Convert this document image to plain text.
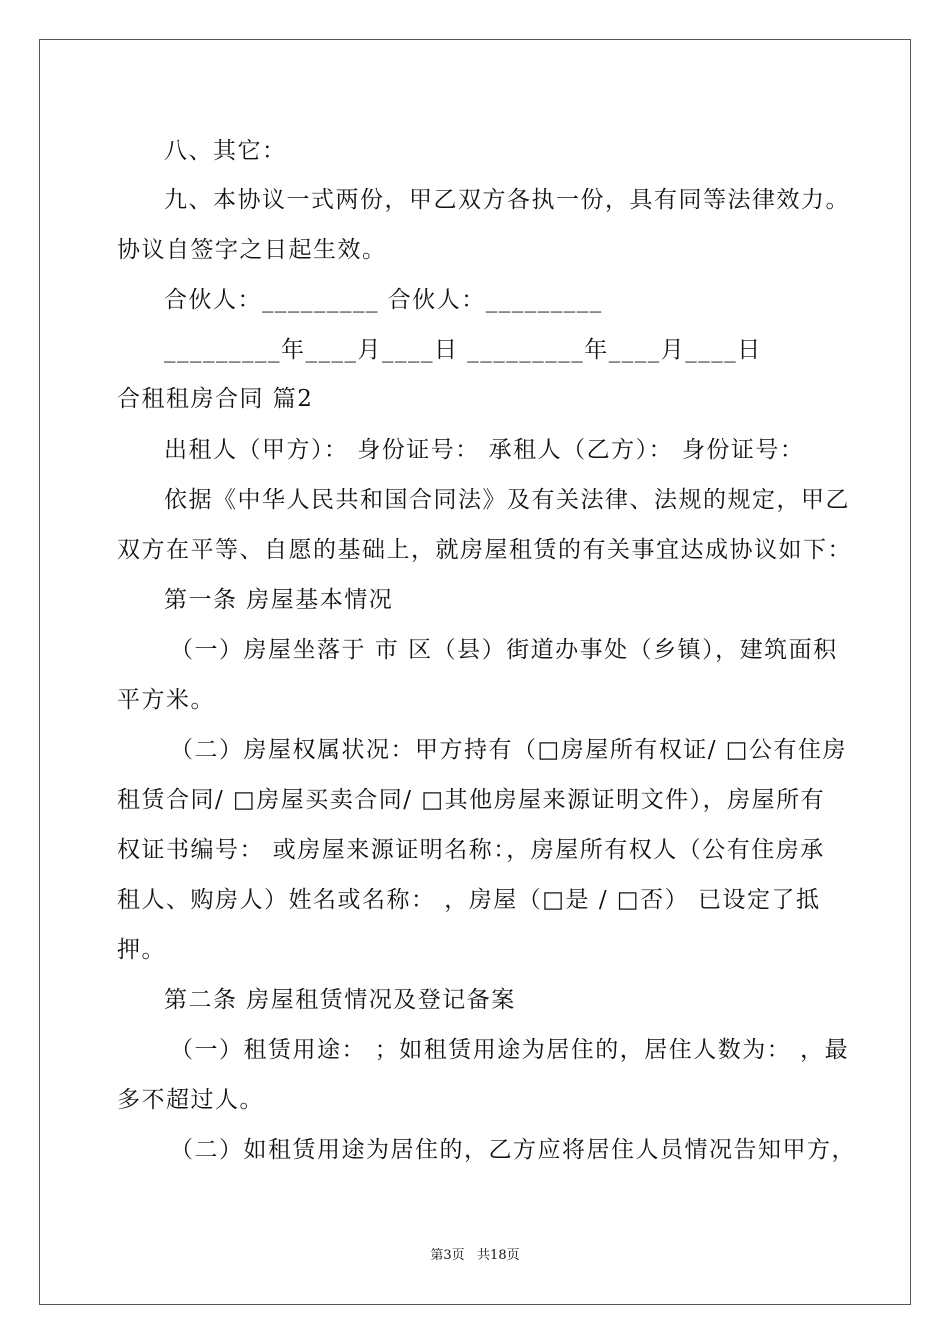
八、其它：
九、本协议一式两份，甲乙双方各执一份，具有同等法律效力。
协议自签字之日起生效。
合伙人：_________ 合伙人：_________
_________年____月____日 _________年____月____日
合租租房合同 篇2
出租人（甲方）： 身份证号： 承租人（乙方）： 身份证号：
依据《中华人民共和国合同法》及有关法律、法规的规定，甲乙
双方在平等、自愿的基础上，就房屋租赁的有关事宜达成协议如下：
第一条 房屋基本情况
（一）房屋坐落于 市 区（县）街道办事处（乡镇），建筑面积
平方米。
（二）房屋权属状况：甲方持有（□房屋所有权证/ □公有住房
租赁合同/ □房屋买卖合同/ □其他房屋来源证明文件），房屋所有
权证书编号： 或房屋来源证明名称：，房屋所有权人（公有住房承
租人、购房人）姓名或名称： ，房屋（□是 / □否） 已设定了抵
押。
第二条 房屋租赁情况及登记备案
（一）租赁用途： ；如租赁用途为居住的，居住人数为： ，最
多不超过人。
（二）如租赁用途为居住的，乙方应将居住人员情况告知甲方，
第3页   共18页
